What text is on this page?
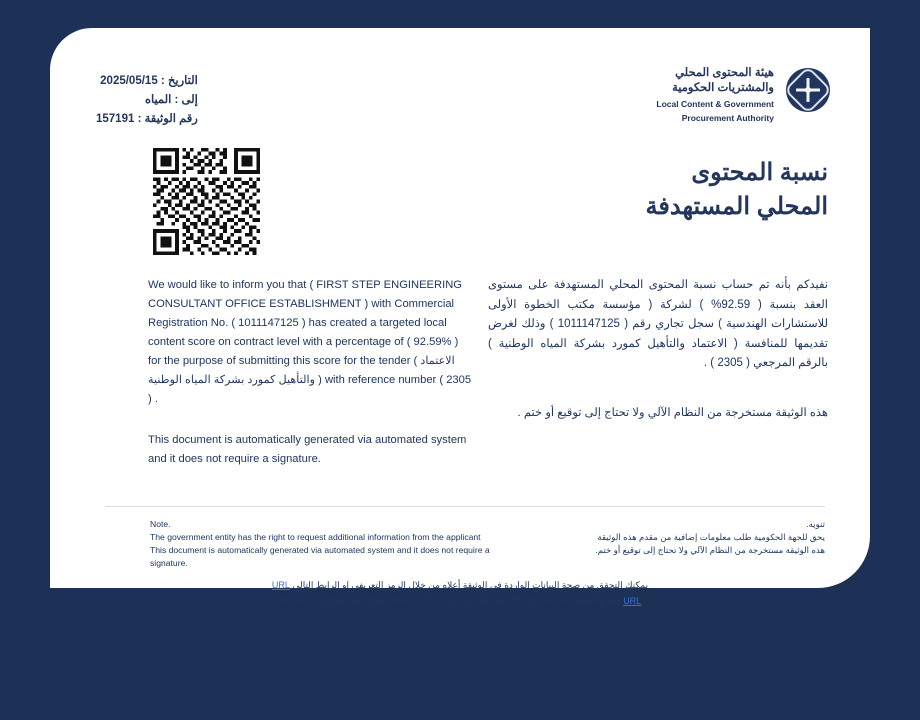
التاريخ : 2025/05/15
إلى : المياه
رقم الوثيقة : 157191
هيئة المحتوى المحلي
والمشتريات الحكومية
Local Content & Government
Procurement Authority
نسبة المحتوى
المحلي المستهدفة
نفيدكم بأنه تم حساب نسبة المحتوى المحلي المستهدفة على مستوى العقد بنسبة ( 92.59% ) لشركة ( مؤسسة مكتب الخطوة الأولى للاستشارات الهندسية ) سجل تجاري رقم ( 1011147125 ) وذلك لغرض تقديمها للمنافسة ( الاعتماد والتأهيل كمورد بشركة المياه الوطنية ) بالرقم المرجعي ( 2305 ) .
هذه الوثيقة مستخرجة من النظام الآلي ولا تحتاج إلى توقيع أو ختم .
We would like to inform you that ( FIRST STEP ENGINEERING CONSULTANT OFFICE ESTABLISHMENT ) with Commercial Registration No. ( 1011147125 ) has created a targeted local content score on contract level with a percentage of ( 92.59% ) for the purpose of submitting this score for the tender ( الاعتماد والتأهيل كمورد بشركة المياه الوطنية ) with reference number ( 2305 ) .
This document is automatically generated via automated system and it does not require a signature.
Note.
The government entity has the right to request additional information from the applicant
This document is automatically generated via automated system and it does not require a signature.
تنويه.
يحق للجهة الحكومية طلب معلومات إضافية من مقدم هذه الوثيقة
هذه الوثيقة مستخرجة من النظام الآلي ولا تحتاج إلى توقيع أو ختم.
يمكنك التحقق من صحة البيانات الواردة في الوثيقة أعلاه من خلال الرمز التعريفي او الرابط التالي URL
You can validate the information in this document via the QR code or the following link URL
